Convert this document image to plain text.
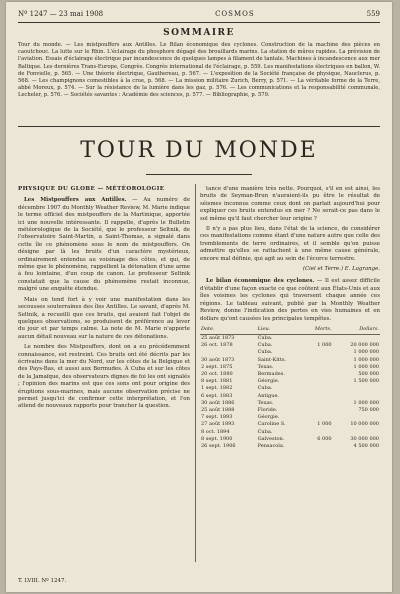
Nº 1247 — 23 mai 1908	COSMOS	559
SOMMAIRE
Tour du monde. — Les mistpouffers aux Antilles. Le Bilan économique des cyclones. Construction de la machine des pièces en caoutchouc. La lutte sur le Rhin. L'éclairage du phosphore dégagé des brouillards marins. La station de mûres rapides. La prévision de l'aviation. Essais d'éclairage électrique par incandescence de quelques lampes à filament de tantale. Machines à incandescence aux mer Baltique. Les dernières Trans-Europe, Congrès. Congrès international de l'éclairage, p. 559. Les manifestations électriques en ballon, W. de Fonvielle, p. 565. — Une théorie électrique, Gauthereau, p. 567. — L'exposition de la Société française de physique, Nauclerus, p. 568. — Les champignons comestibles à la crue, p. 568. — La mission militaire Zurich, Berry, p. 571. — La véritable forme de la Terre, abbé Moreux, p. 574. — Sur la résistance de la lumière dans les gaz, p. 576. — Les communications et la responsabilité communale, Lecheler, p. 576. — Sociétés savantes : Académie des sciences, p. 577. — Bibliographie, p. 579.
TOUR DU MONDE
PHYSIQUE DU GLOBE — MÉTÉOROLOGIE

Les Mistpouffers aux Antilles. — Au numéro de décembre 1907 du Monthly Weather Review, M. Marie indique le terme officiel des mistpouffers de la Martinique, apportée ici une nouvelle intéressante. Il rappelle, d'après le Bulletin météorologique de la Société, que le professeur Seltnik, de l'observatoire Saint-Martin, a Saint-Thomas, a signalé dans cette île ce phénomène sous le nom de mistpouffers. On désigne par là les bruits d'un caractère mystérieux, ordinairement entendus au voisinage des côtes, et qui, de même que le phénomène, rappellent la détonation d'une arme à feu lointaine, d'un coup de canon. Le professeur Seltnik constatait que la cause du phénomène restait inconnue, malgré une enquête étendue.

Mais on tend fort à y voir une manifestation dans les secousses souterraines des îles Antilles. Le savant, d'après M. Seltnik, a recueilli que ces bruits, qui avaient fait l'objet de quelques observations, se produisent de préférence au lever du jour et par temps calme. La note de M. Marie n'apporte aucun détail nouveau sur la nature de ces détonations.

Le nombre des Mistpouffers, dont on a eu précédemment connaissance, est restreint. Ces bruits ont été décrits par les écrivains dans la mer du Nord, sur les côtes de la Belgique et des Pays-Bas, et aussi aux Bermudes. À Cuba et sur les côtes de la Jamaïque, des observateurs dignes de foi les ont signalés ; l'opinion des marins est que ces sons ont pour origine des éruptions sous-marines, mais aucune observation précise ne permet jusqu'ici de confirmer cette interprétation, et l'on attend de nouveaux rapports pour trancher la question.

tance d'une manière très nette. Pourquoi, s'il en est ainsi, les bruits de Seyman-Brun n'auraient-ils pu être le résultat de séismes inconnus comme ceux dont on parlait aujourd'hui pour expliquer ces bruits entendus en mer ? Ne serait-ce pas dans le sol même qu'il faut chercher leur origine ?

Il n'y a pas plus lieu, dans l'état de la science, de considérer ces manifestations comme étant d'une nature autre que celle des tremblements de terre ordinaires, et il semble qu'on puisse admettre qu'elles se rattachent à une même cause générale, encore mal définie, qui agit au sein de l'écorce terrestre.

(Ciel et Terre.) E. Lagrange.

Le bilan économique des cyclones. — Il est assez difficile d'établir d'une façon exacte ce que coûtent aux États-Unis et aux îles voisines les cyclones qui traversent chaque année ces régions. Le tableau suivant, publié par la Monthly Weather Review, donne l'indication des pertes en vies humaines et en dollars qu'ont causées les principales tempêtes.

Date.	Lieu.	Morts.	Dollars.
25 août 1873	Cuba.		
26 oct. 1878	Cuba.	1 000	20 000 000
	Cuba.		1 000 000
30 août 1873	Saint-Kitts.		1 000 000
2 sept. 1875	Texas.		1 000 000
20 oct. 1880	Bermudes.		500 000
8 sept. 1881	Géorgie.		1 500 000
1 sept. 1882	Cuba.		
6 sept. 1883	Antigue.		
30 août 1886	Texas.		1 000 000
25 août 1888	Floride.		750 000
7 sept. 1893	Géorgie.		
27 août 1893	Caroline S.	1 000	10 000 000
8 oct. 1894	Cuba.		
8 sept. 1900	Galveston.	6 000	30 000 000
26 sept. 1906	Pensacola.		4 500 000
T. LVIII. Nº 1247.
